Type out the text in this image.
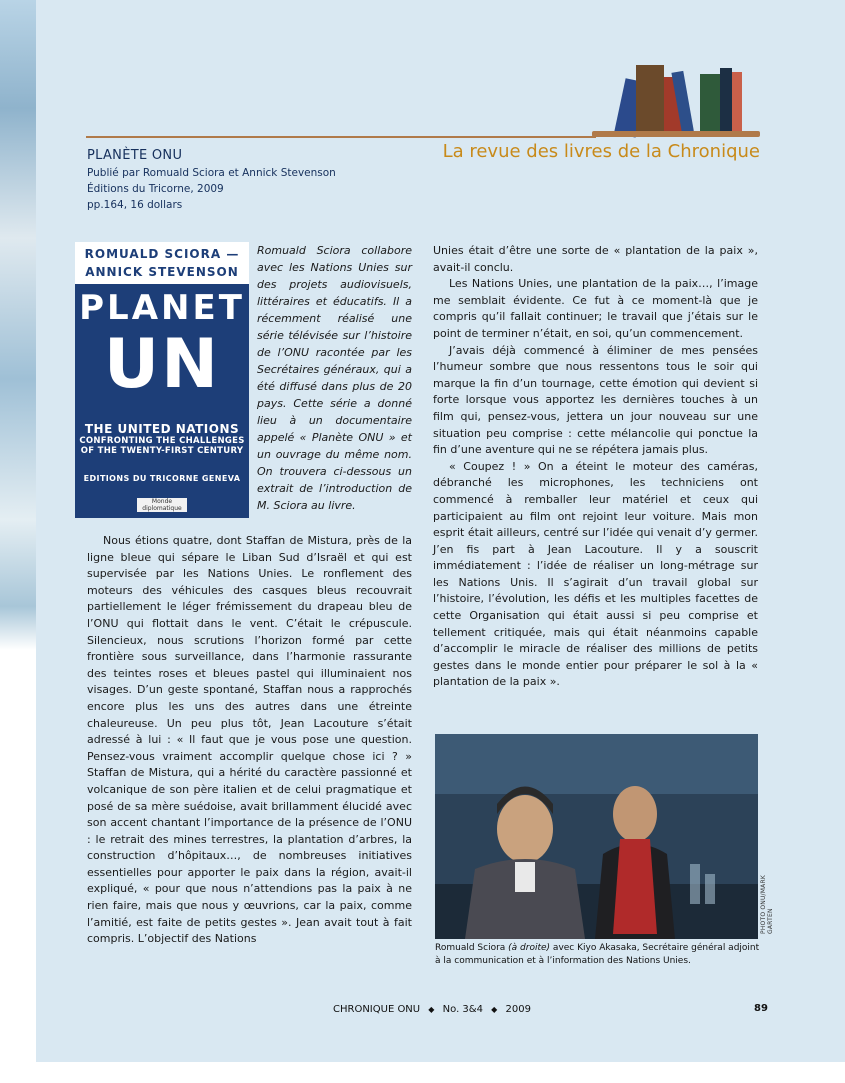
PLANÈTE ONU
Publié par Romuald Sciora et Annick Stevenson
Éditions du Tricorne, 2009
pp.164, 16 dollars
La revue des livres de la Chronique
ROMUALD SCIORA —
ANNICK STEVENSON
PLANET
UN
THE UNITED NATIONS
CONFRONTING THE CHALLENGES
OF THE TWENTY-FIRST CENTURY
EDITIONS DU TRICORNE GENEVA
Monde diplomatique
Romuald Sciora collabore avec les Nations Unies sur des projets audiovisuels, littéraires et éducatifs. Il a récemment réalisé une série télévisée sur l’histoire de l’ONU racontée par les Secrétaires généraux, qui a été diffusé dans plus de 20 pays. Cette série a donné lieu à un documentaire appelé « Planète ONU » et un ouvrage du même nom. On trouvera ci-dessous un extrait de l’introduction de M. Sciora au livre.

Nous étions quatre, dont Staffan de Mistura, près de la ligne bleue qui sépare le Liban Sud d’Israël et qui est supervisée par les Nations Unies. Le ronflement des moteurs des véhicules des casques bleus recouvrait partiellement le léger frémissement du drapeau bleu de l’ONU qui flottait dans le vent. C’était le crépuscule. Silencieux, nous scrutions l’horizon formé par cette frontière sous surveillance, dans l’harmonie rassurante des teintes roses et bleues pastel qui illuminaient nos visages. D’un geste spontané, Staffan nous a rapprochés encore plus les uns des autres dans une étreinte chaleureuse. Un peu plus tôt, Jean Lacouture s’était adressé à lui : « Il faut que je vous pose une question. Pensez-vous vraiment accomplir quelque chose ici ? » Staffan de Mistura, qui a hérité du caractère passionné et volcanique de son père italien et de celui pragmatique et posé de sa mère suédoise, avait brillamment élucidé avec son accent chantant l’importance de la présence de l’ONU : le retrait des mines terrestres, la plantation d’arbres, la construction d’hôpitaux…, de nombreuses initiatives essentielles pour apporter le paix dans la région, avait-il expliqué, « pour que nous n’attendions pas la paix à ne rien faire, mais que nous y œuvrions, car la paix, comme l’amitié, est faite de petits gestes ». Jean avait tout à fait compris. L’objectif des Nations

Unies était d’être une sorte de « plantation de la paix », avait-il conclu.

Les Nations Unies, une plantation de la paix…, l’image me semblait évidente. Ce fut à ce moment-là que je compris qu’il fallait continuer; le travail que j’étais sur le point de terminer n’était, en soi, qu’un commencement.

J’avais déjà commencé à éliminer de mes pensées l’humeur sombre que nous ressentons tous le soir qui marque la fin d’un tournage, cette émotion qui devient si forte lorsque vous apportez les dernières touches à un film qui, pensez-vous, jettera un jour nouveau sur une situation peu comprise : cette mélancolie qui ponctue la fin d’une aventure qui ne se répétera jamais plus.

« Coupez ! » On a éteint le moteur des caméras, débranché les microphones, les techniciens ont commencé à remballer leur matériel et ceux qui participaient au film ont rejoint leur voiture. Mais mon esprit était ailleurs, centré sur l’idée qui venait d’y germer. J’en fis part à Jean Lacouture. Il y a souscrit immédiatement : l’idée de réaliser un long-métrage sur les Nations Unis. Il s’agirait d’un travail global sur l’histoire, l’évolution, les défis et les multiples facettes de cette Organisation qui était aussi si peu comprise et tellement critiquée, mais qui était néanmoins capable d’accomplir le miracle de réaliser des millions de petits gestes dans le monde entier pour préparer le sol à la « plantation de la paix ».

PHOTO ONU/MARK GARTEN
Romuald Sciora (à droite) avec Kiyo Akasaka, Secrétaire général adjoint à la communication et à l’information des Nations Unies.
CHRONIQUE ONU ◆ No. 3&4 ◆ 2009	89
